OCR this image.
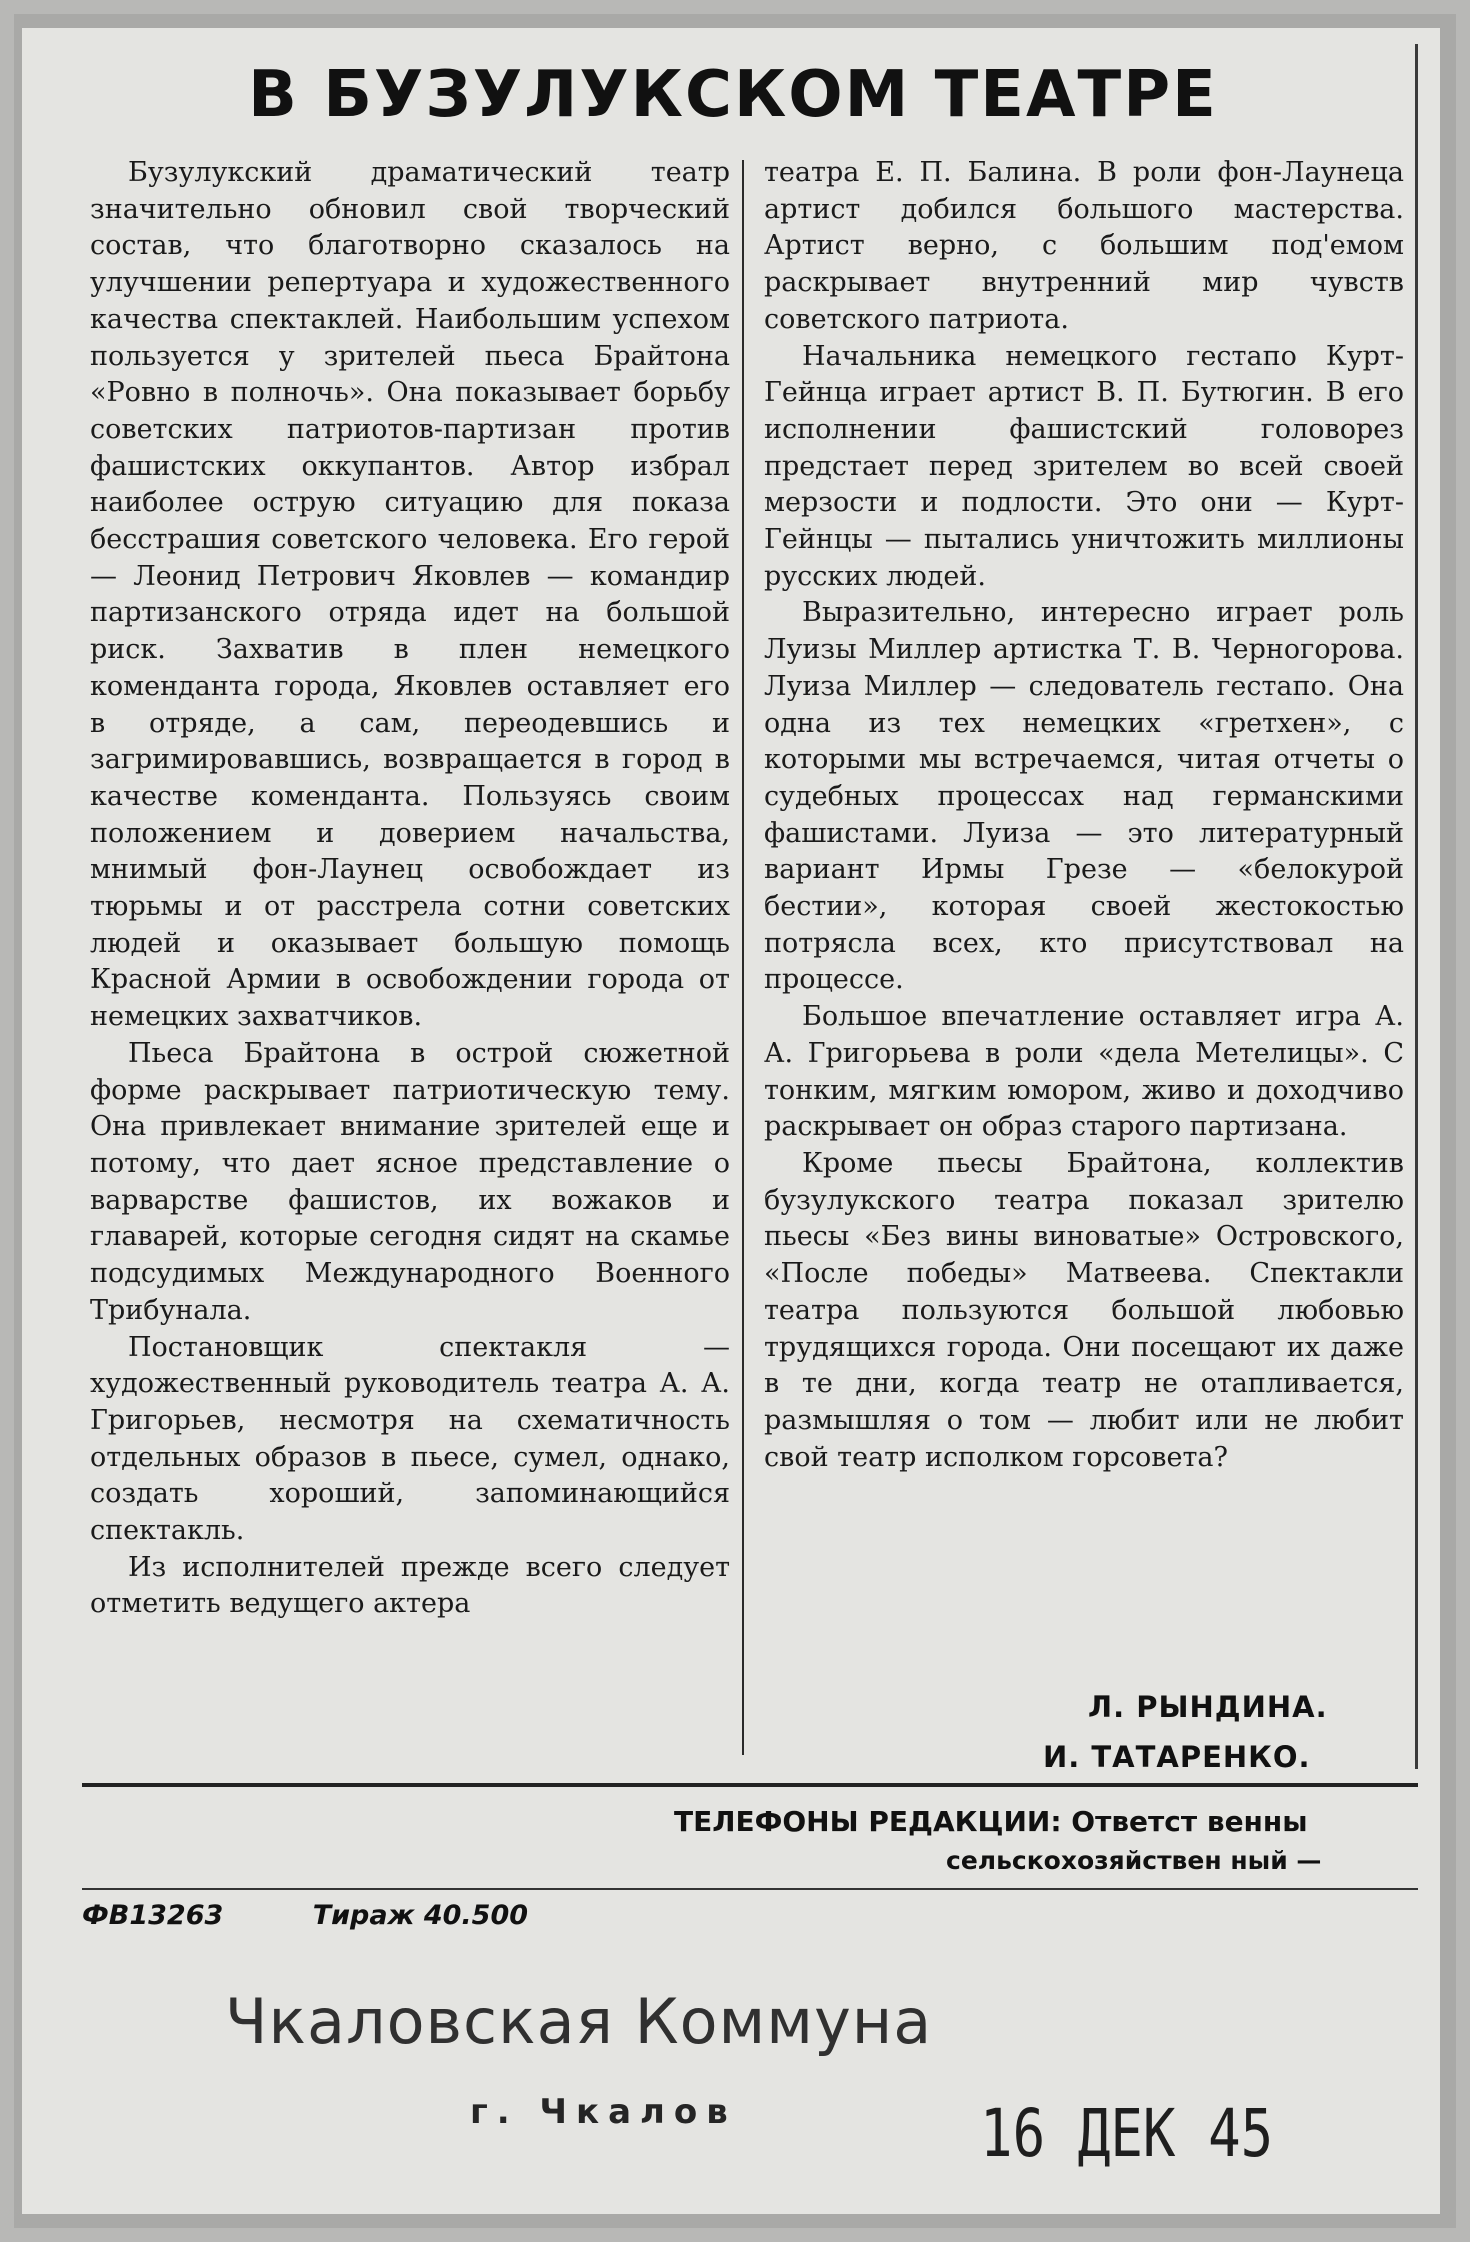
В БУЗУЛУКСКОМ ТЕАТРЕ

Бузулукский драматический театр значительно обновил свой творческий состав, что благотворно сказалось на улучшении репертуара и художественного качества спектаклей. Наибольшим успехом пользуется у зрителей пьеса Брайтона «Ровно в полночь». Она показывает борьбу советских патриотов-партизан против фашистских оккупантов. Автор избрал наиболее острую ситуацию для показа бесстрашия советского человека. Его герой — Леонид Петрович Яковлев — командир партизанского отряда идет на большой риск. Захватив в плен немецкого коменданта города, Яковлев оставляет его в отряде, а сам, переодевшись и загримировавшись, возвращается в город в качестве коменданта. Пользуясь своим положением и доверием начальства, мнимый фон-Лаунец освобождает из тюрьмы и от расстрела сотни советских людей и оказывает большую помощь Красной Армии в освобождении города от немецких захватчиков.

Пьеса Брайтона в острой сюжетной форме раскрывает патриотическую тему. Она привлекает внимание зрителей еще и потому, что дает ясное представление о варварстве фашистов, их вожаков и главарей, которые сегодня сидят на скамье подсудимых Международного Военного Трибунала.

Постановщик спектакля — художественный руководитель театра А. А. Григорьев, несмотря на схематичность отдельных образов в пьесе, сумел, однако, создать хороший, запоминающийся спектакль.

Из исполнителей прежде всего следует отметить ведущего актера

театра Е. П. Балина. В роли фон-Лаунеца артист добился большого мастерства. Артист верно, с большим под'емом раскрывает внутренний мир чувств советского патриота.

Начальника немецкого гестапо Курт-Гейнца играет артист В. П. Бутюгин. В его исполнении фашистский головорез предстает перед зрителем во всей своей мерзости и подлости. Это они — Курт-Гейнцы — пытались уничтожить миллионы русских людей.

Выразительно, интересно играет роль Луизы Миллер артистка Т. В. Черногорова. Луиза Миллер — следователь гестапо. Она одна из тех немецких «гретхен», с которыми мы встречаемся, читая отчеты о судебных процессах над германскими фашистами. Луиза — это литературный вариант Ирмы Грезе — «белокурой бестии», которая своей жестокостью потрясла всех, кто присутствовал на процессе.

Большое впечатление оставляет игра А. А. Григорьева в роли «дела Метелицы». С тонким, мягким юмором, живо и доходчиво раскрывает он образ старого партизана.

Кроме пьесы Брайтона, коллектив бузулукского театра показал зрителю пьесы «Без вины виноватые» Островского, «После победы» Матвеева. Спектакли театра пользуются большой любовью трудящихся города. Они посещают их даже в те дни, когда театр не отапливается, размышляя о том — любит или не любит свой театр исполком горсовета?

Л. РЫНДИНА.
И. ТАТАРЕНКО.
ТЕЛЕФОНЫ РЕДАКЦИИ: Ответст венны
сельскохозяйствен ный —
ФВ13263	Тираж 40.500
Чкаловская Коммуна
г. Чкалов	16 ДЕК 45
